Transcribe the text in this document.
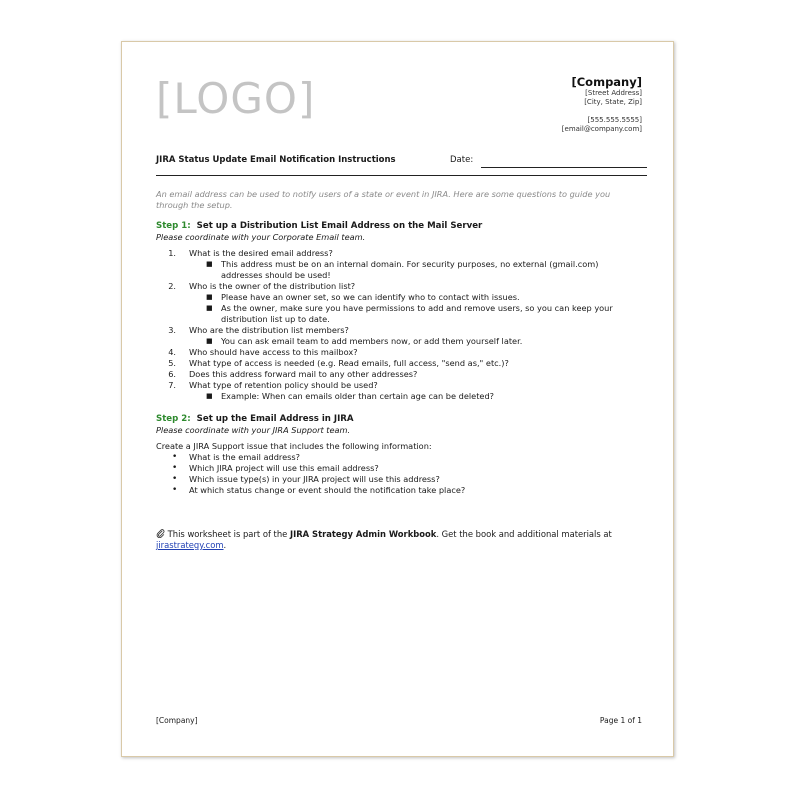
[LOGO]	[Company]
[Street Address]
[City, State, Zip]
[555.555.5555]
[email@company.com]
JIRA Status Update Email Notification Instructions	Date:
An email address can be used to notify users of a state or event in JIRA. Here are some questions to guide you through the setup.
Step 1: Set up a Distribution List Email Address on the Mail Server
Please coordinate with your Corporate Email team.
1. What is the desired email address?
■ This address must be on an internal domain. For security purposes, no external (gmail.com) addresses should be used!
2. Who is the owner of the distribution list?
■ Please have an owner set, so we can identify who to contact with issues.
■ As the owner, make sure you have permissions to add and remove users, so you can keep your distribution list up to date.
3. Who are the distribution list members?
■ You can ask email team to add members now, or add them yourself later.
4. Who should have access to this mailbox?
5. What type of access is needed (e.g. Read emails, full access, "send as," etc.)?
6. Does this address forward mail to any other addresses?
7. What type of retention policy should be used?
■ Example: When can emails older than certain age can be deleted?
Step 2: Set up the Email Address in JIRA
Please coordinate with your JIRA Support team.
Create a JIRA Support issue that includes the following information:
• What is the email address?
• Which JIRA project will use this email address?
• Which issue type(s) in your JIRA project will use this address?
• At which status change or event should the notification take place?
This worksheet is part of the JIRA Strategy Admin Workbook. Get the book and additional materials at jirastrategy.com.
[Company]	Page 1 of 1
